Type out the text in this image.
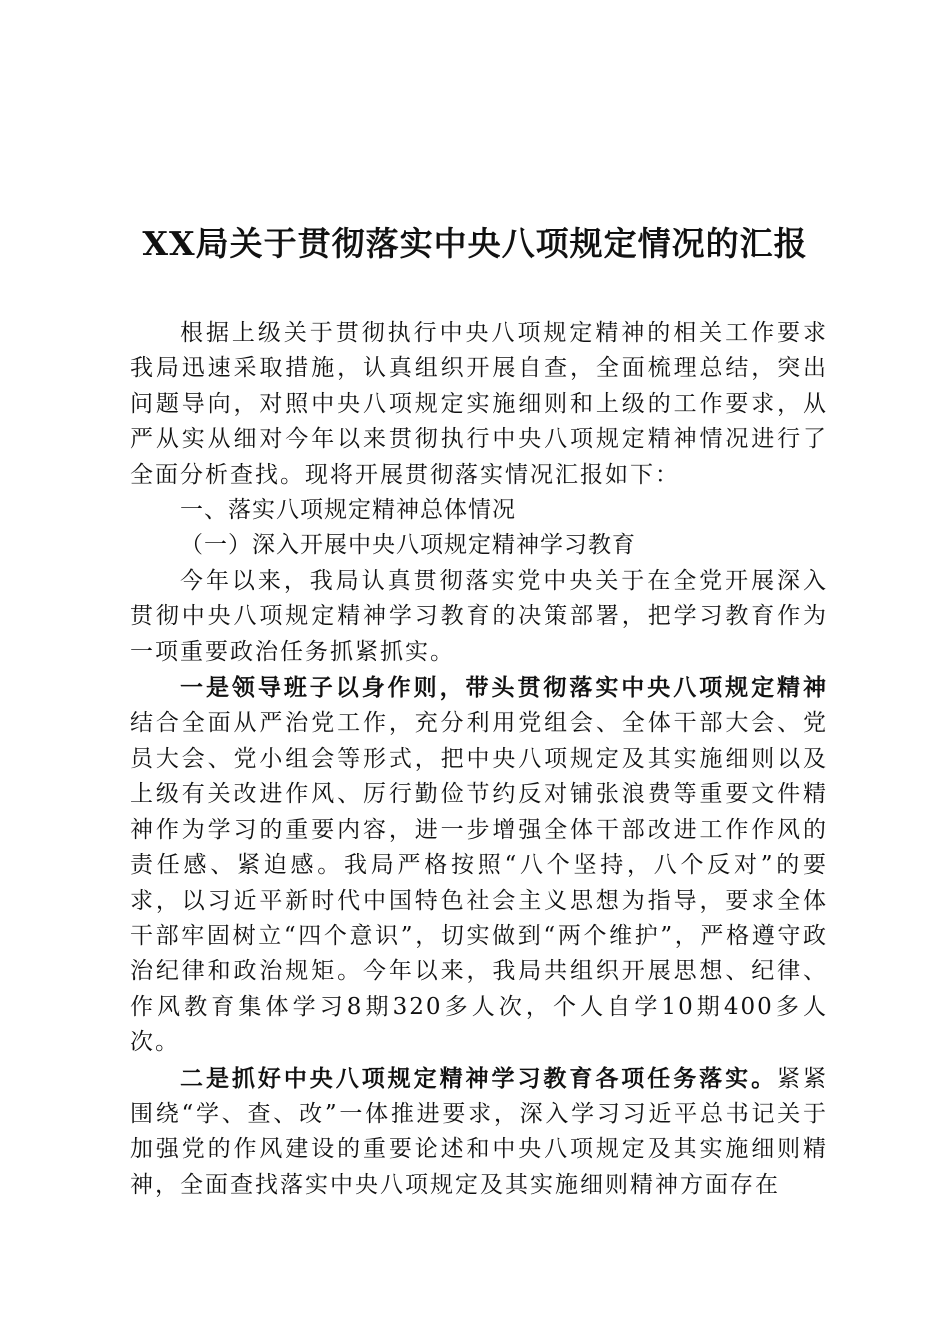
XX局关于贯彻落实中央八项规定情况的汇报

根据上级关于贯彻执行中央八项规定精神的相关工作要求我局迅速采取措施，认真组织开展自查，全面梳理总结，突出问题导向，对照中央八项规定实施细则和上级的工作要求，从严从实从细对今年以来贯彻执行中央八项规定精神情况进行了全面分析查找。现将开展贯彻落实情况汇报如下：

一、落实八项规定精神总体情况

（一）深入开展中央八项规定精神学习教育

今年以来，我局认真贯彻落实党中央关于在全党开展深入贯彻中央八项规定精神学习教育的决策部署，把学习教育作为一项重要政治任务抓紧抓实。

一是领导班子以身作则，带头贯彻落实中央八项规定精神结合全面从严治党工作，充分利用党组会、全体干部大会、党员大会、党小组会等形式，把中央八项规定及其实施细则以及上级有关改进作风、厉行勤俭节约反对铺张浪费等重要文件精神作为学习的重要内容，进一步增强全体干部改进工作作风的责任感、紧迫感。我局严格按照“八个坚持，八个反对”的要求，以习近平新时代中国特色社会主义思想为指导，要求全体干部牢固树立“四个意识”，切实做到“两个维护”，严格遵守政治纪律和政治规矩。今年以来，我局共组织开展思想、纪律、作风教育集体学习8期320多人次，个人自学10期400多人次。

二是抓好中央八项规定精神学习教育各项任务落实。紧紧围绕“学、查、改”一体推进要求，深入学习习近平总书记关于加强党的作风建设的重要论述和中央八项规定及其实施细则精神，全面查找落实中央八项规定及其实施细则精神方面存在
